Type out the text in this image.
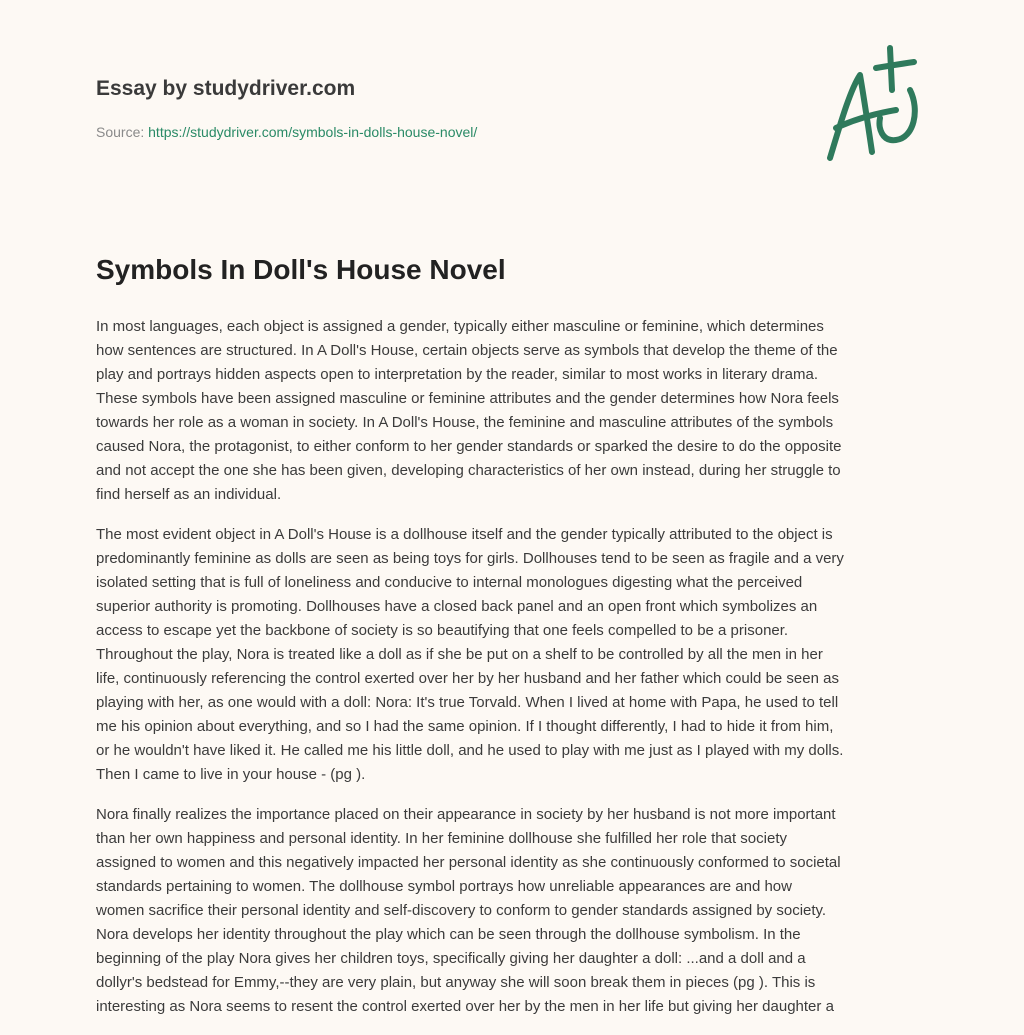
Essay by studydriver.com
Source: https://studydriver.com/symbols-in-dolls-house-novel/
Symbols In Doll's House Novel

In most languages, each object is assigned a gender, typically either masculine or feminine, which determines
how sentences are structured. In A Doll's House, certain objects serve as symbols that develop the theme of the
play and portrays hidden aspects open to interpretation by the reader, similar to most works in literary drama.
These symbols have been assigned masculine or feminine attributes and the gender determines how Nora feels
towards her role as a woman in society. In A Doll's House, the feminine and masculine attributes of the symbols
caused Nora, the protagonist, to either conform to her gender standards or sparked the desire to do the opposite
and not accept the one she has been given, developing characteristics of her own instead, during her struggle to
find herself as an individual.

The most evident object in A Doll's House is a dollhouse itself and the gender typically attributed to the object is
predominantly feminine as dolls are seen as being toys for girls. Dollhouses tend to be seen as fragile and a very
isolated setting that is full of loneliness and conducive to internal monologues digesting what the perceived
superior authority is promoting. Dollhouses have a closed back panel and an open front which symbolizes an
access to escape yet the backbone of society is so beautifying that one feels compelled to be a prisoner.
Throughout the play, Nora is treated like a doll as if she be put on a shelf to be controlled by all the men in her
life, continuously referencing the control exerted over her by her husband and her father which could be seen as
playing with her, as one would with a doll: Nora: It's true Torvald. When I lived at home with Papa, he used to tell
me his opinion about everything, and so I had the same opinion. If I thought differently, I had to hide it from him,
or he wouldn't have liked it. He called me his little doll, and he used to play with me just as I played with my dolls.
Then I came to live in your house - (pg ).

Nora finally realizes the importance placed on their appearance in society by her husband is not more important
than her own happiness and personal identity. In her feminine dollhouse she fulfilled her role that society
assigned to women and this negatively impacted her personal identity as she continuously conformed to societal
standards pertaining to women. The dollhouse symbol portrays how unreliable appearances are and how
women sacrifice their personal identity and self-discovery to conform to gender standards assigned by society.
Nora develops her identity throughout the play which can be seen through the dollhouse symbolism. In the
beginning of the play Nora gives her children toys, specifically giving her daughter a doll: ...and a doll and a
dollyr's bedstead for Emmy,--they are very plain, but anyway she will soon break them in pieces (pg ). This is
interesting as Nora seems to resent the control exerted over her by the men in her life but giving her daughter a
